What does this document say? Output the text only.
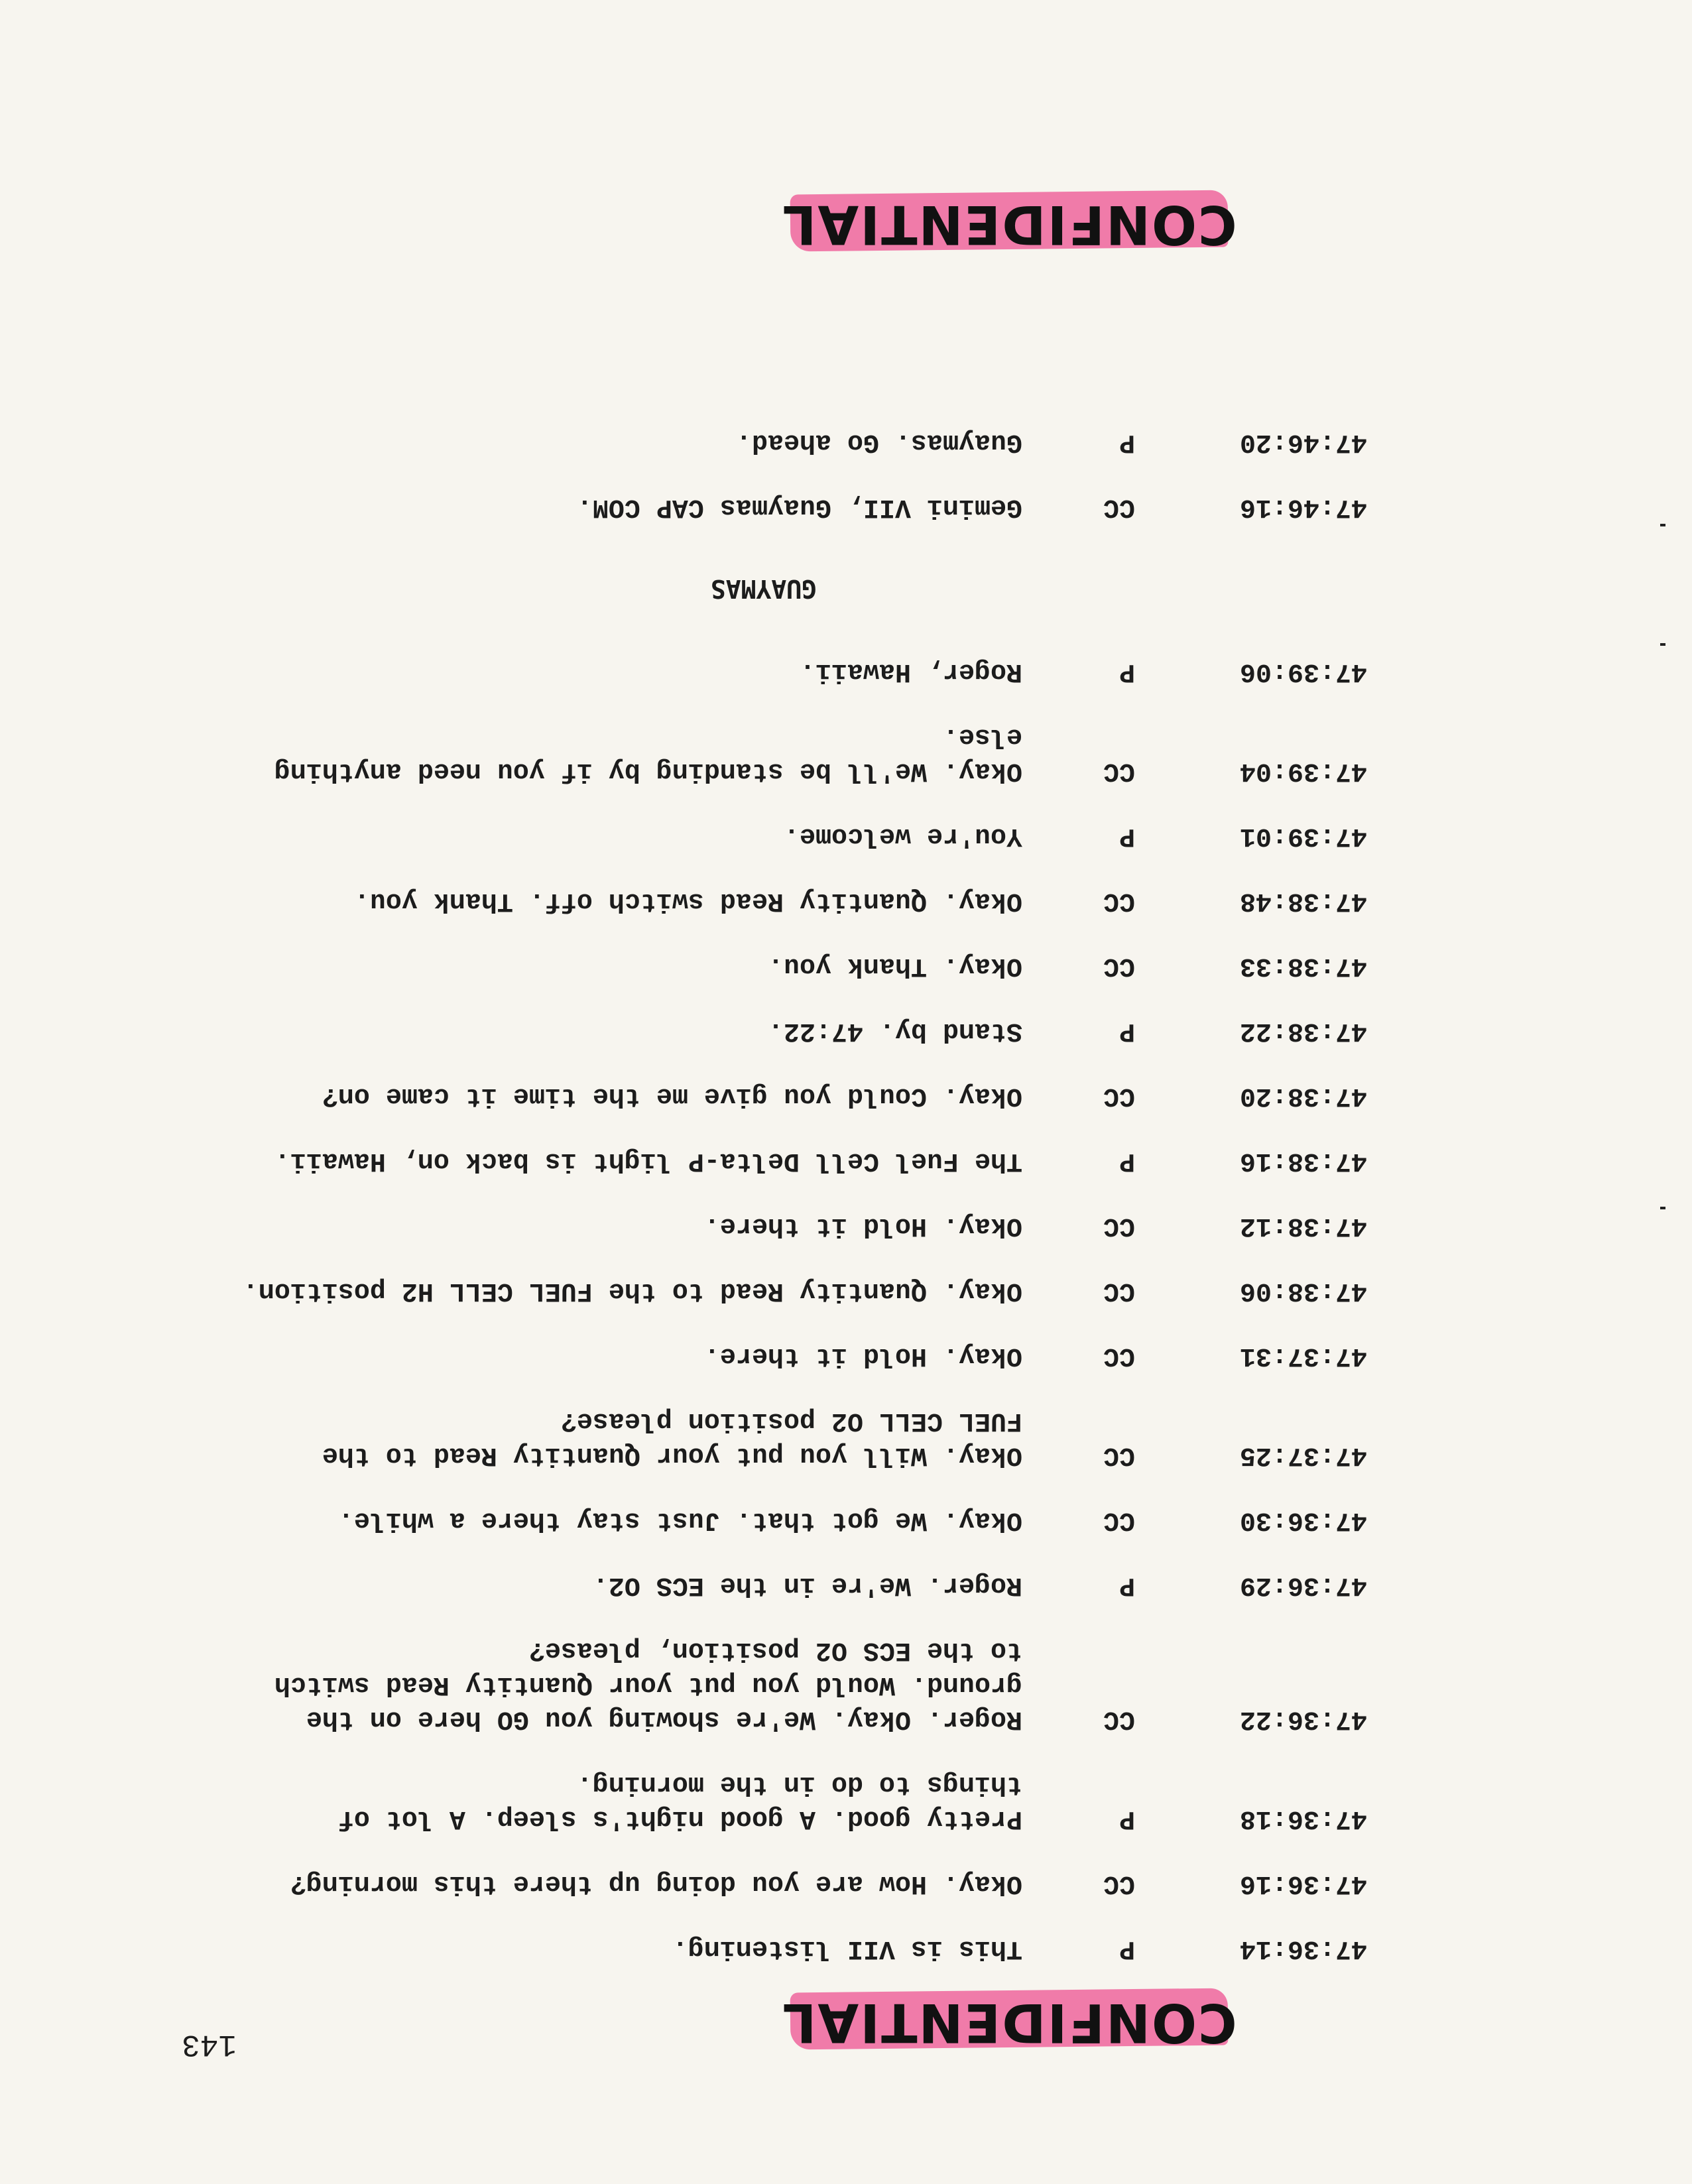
CONFIDENTIAL
143
47:36:14
P
This is VII listening.
47:36:16
CC
Okay. How are you doing up there this morning?
47:36:18
P
Pretty good. A good night's sleep. A lot of
things to do in the morning.
47:36:22
CC
Roger. Okay. We're showing you GO here on the
ground. Would you put your Quantity Read switch
to the ECS O2 position, please?
47:36:29
P
Roger. We're in the ECS O2.
47:36:30
CC
Okay. We got that. Just stay there a while.
47:37:25
CC
Okay. Will you put your Quantity Read to the
FUEL CELL O2 position please?
47:37:31
CC
Okay. Hold it there.
47:38:06
CC
Okay. Quantity Read to the FUEL CELL H2 position.
47:38:12
CC
Okay. Hold it there.
47:38:16
P
The Fuel Cell Delta-P light is back on, Hawaii.
47:38:20
CC
Okay. Could you give me the time it came on?
47:38:22
P
Stand by. 47:22.
47:38:33
CC
Okay. Thank you.
47:38:48
CC
Okay. Quantity Read switch off. Thank you.
47:39:01
P
You're welcome.
47:39:04
CC
Okay. We'll be standing by if you need anything
else.
47:39:06
P
Roger, Hawaii.
GUAYMAS
47:46:16
CC
Gemini VII, Guaymas CAP COM.
47:46:20
P
Guaymas. Go ahead.
CONFIDENTIAL
